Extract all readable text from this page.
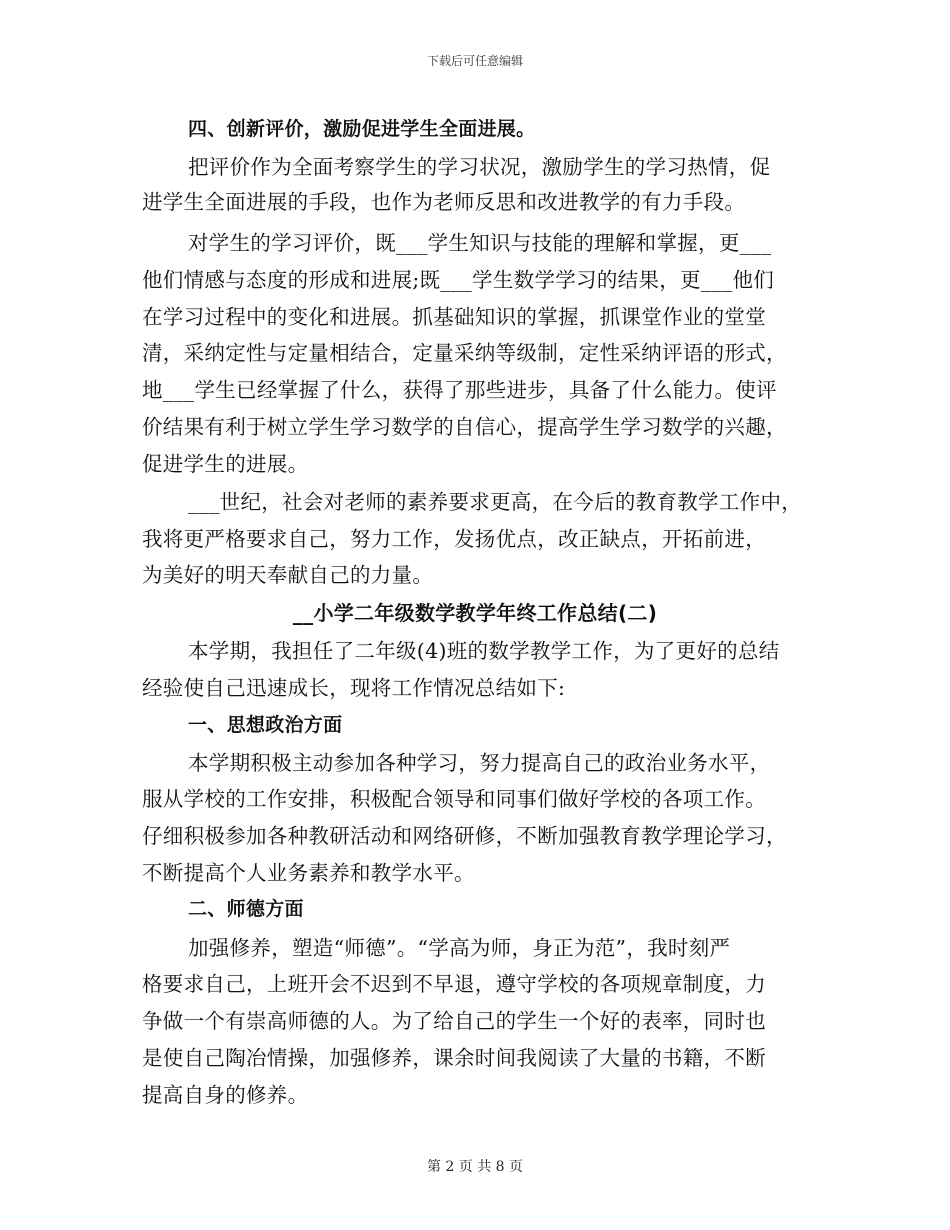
下载后可任意编辑
四、创新评价，激励促进学生全面进展。
把评价作为全面考察学生的学习状况，激励学生的学习热情，促
进学生全面进展的手段，也作为老师反思和改进教学的有力手段。
对学生的学习评价，既___学生知识与技能的理解和掌握，更___
他们情感与态度的形成和进展;既___学生数学学习的结果，更___他们
在学习过程中的变化和进展。抓基础知识的掌握，抓课堂作业的堂堂
清，采纳定性与定量相结合，定量采纳等级制，定性采纳评语的形式，
地___学生已经掌握了什么，获得了那些进步，具备了什么能力。使评
价结果有利于树立学生学习数学的自信心，提高学生学习数学的兴趣，
促进学生的进展。
___世纪，社会对老师的素养要求更高，在今后的教育教学工作中，
我将更严格要求自己，努力工作，发扬优点，改正缺点，开拓前进，
为美好的明天奉献自己的力量。
__小学二年级数学教学年终工作总结(二)
本学期，我担任了二年级(4)班的数学教学工作，为了更好的总结
经验使自己迅速成长，现将工作情况总结如下:
一、思想政治方面
本学期积极主动参加各种学习，努力提高自己的政治业务水平，
服从学校的工作安排，积极配合领导和同事们做好学校的各项工作。
仔细积极参加各种教研活动和网络研修，不断加强教育教学理论学习，
不断提高个人业务素养和教学水平。
二、师德方面
加强修养，塑造“师德”。“学高为师，身正为范”，我时刻严
格要求自己，上班开会不迟到不早退，遵守学校的各项规章制度，力
争做一个有崇高师德的人。为了给自己的学生一个好的表率，同时也
是使自己陶冶情操，加强修养，课余时间我阅读了大量的书籍，不断
提高自身的修养。
第 2 页 共 8 页
